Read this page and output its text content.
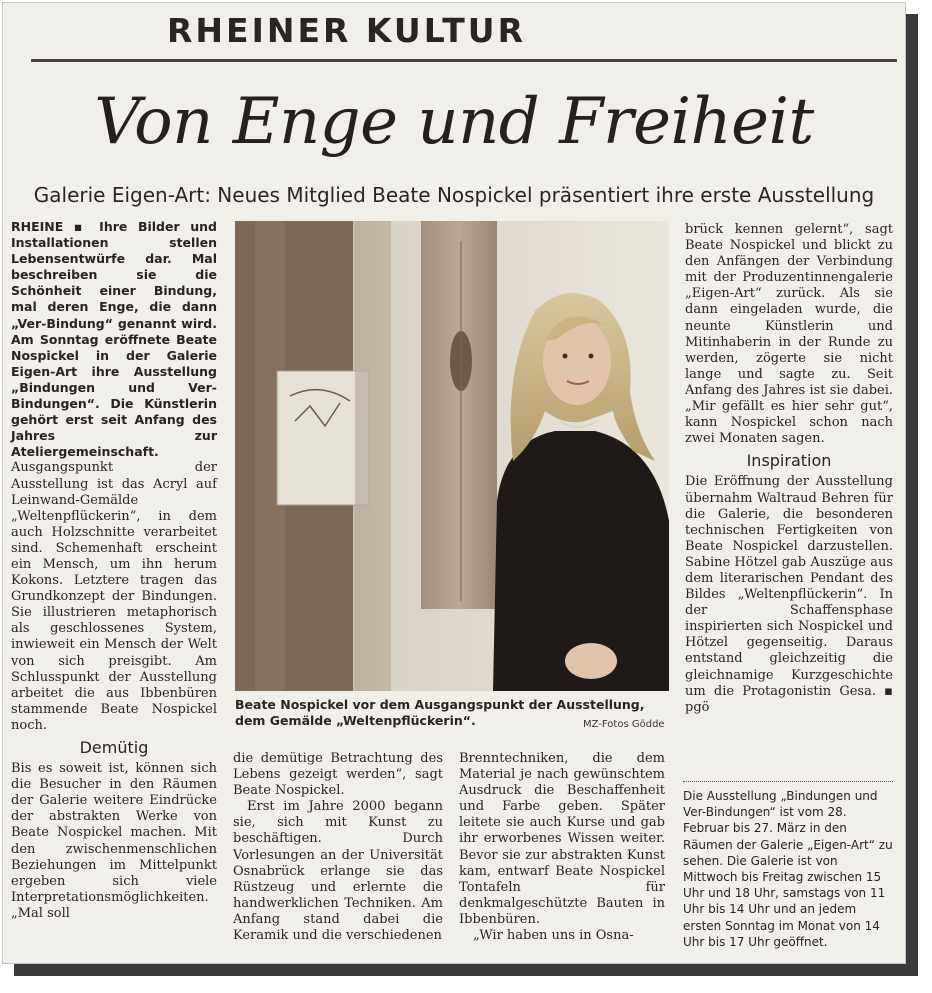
RHEINER KULTUR
Von Enge und Freiheit
Galerie Eigen-Art: Neues Mitglied Beate Nospickel präsentiert ihre erste Ausstellung

RHEINE ▪ Ihre Bilder und Installationen stellen Lebensentwürfe dar. Mal beschreiben sie die Schönheit einer Bindung, mal deren Enge, die dann „Ver-Bindung“ genannt wird. Am Sonntag eröffnete Beate Nospickel in der Galerie Eigen-Art ihre Ausstellung „Bindungen und Ver-Bindungen“. Die Künstlerin gehört erst seit Anfang des Jahres zur Ateliergemeinschaft.

Ausgangspunkt der Ausstellung ist das Acryl auf Leinwand-Gemälde „Weltenpflückerin“, in dem auch Holzschnitte verarbeitet sind. Schemenhaft erscheint ein Mensch, um ihn herum Kokons. Letztere tragen das Grundkonzept der Bindungen. Sie illustrieren metaphorisch als geschlossenes System, inwieweit ein Mensch der Welt von sich preisgibt. Am Schlusspunkt der Ausstellung arbeitet die aus Ibbenbüren stammende Beate Nospickel noch.

Demütig

Bis es soweit ist, können sich die Besucher in den Räumen der Galerie weitere Eindrücke der abstrakten Werke von Beate Nospickel machen. Mit den zwischenmenschlichen Beziehungen im Mittelpunkt ergeben sich viele Interpretationsmöglichkeiten. „Mal soll

Beate Nospickel vor dem Ausgangspunkt der Ausstellung, dem Gemälde „Weltenpflückerin“.	MZ-Fotos Gödde

die demütige Betrachtung des Lebens gezeigt werden“, sagt Beate Nospickel.

Erst im Jahre 2000 begann sie, sich mit Kunst zu beschäftigen. Durch Vorlesungen an der Universität Osnabrück erlange sie das Rüstzeug und erlernte die handwerklichen Techniken. Am Anfang stand dabei die Keramik und die verschiedenen

Brenntechniken, die dem Material je nach gewünschtem Ausdruck die Beschaffenheit und Farbe geben. Später leitete sie auch Kurse und gab ihr erworbenes Wissen weiter. Bevor sie zur abstrakten Kunst kam, entwarf Beate Nospickel Tontafeln für denkmalgeschützte Bauten in Ibbenbüren.

„Wir haben uns in Osna-

brück kennen gelernt“, sagt Beate Nospickel und blickt zu den Anfängen der Verbindung mit der Produzentinnengalerie „Eigen-Art“ zurück. Als sie dann eingeladen wurde, die neunte Künstlerin und Mitinhaberin in der Runde zu werden, zögerte sie nicht lange und sagte zu. Seit Anfang des Jahres ist sie dabei. „Mir gefällt es hier sehr gut“, kann Nospickel schon nach zwei Monaten sagen.

Inspiration

Die Eröffnung der Ausstellung übernahm Waltraud Behren für die Galerie, die besonderen technischen Fertigkeiten von Beate Nospickel darzustellen. Sabine Hötzel gab Auszüge aus dem literarischen Pendant des Bildes „Weltenpflückerin“. In der Schaffensphase inspirierten sich Nospickel und Hötzel gegenseitig. Daraus entstand gleichzeitig die gleichnamige Kurzgeschichte um die Protagonistin Gesa. ▪ pgö

Die Ausstellung „Bindungen und Ver-Bindungen“ ist vom 28. Februar bis 27. März in den Räumen der Galerie „Eigen-Art“ zu sehen. Die Galerie ist von Mittwoch bis Freitag zwischen 15 Uhr und 18 Uhr, samstags von 11 Uhr bis 14 Uhr und an jedem ersten Sonntag im Monat von 14 Uhr bis 17 Uhr geöffnet.
